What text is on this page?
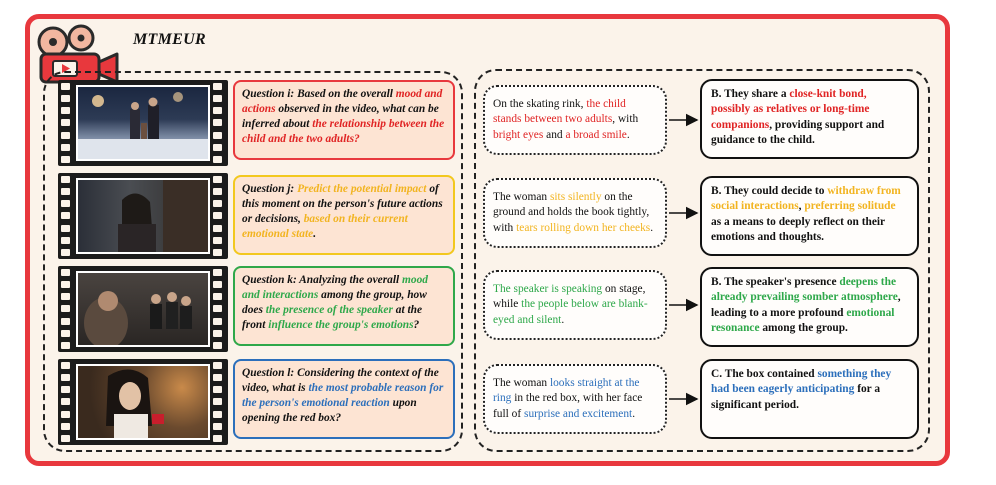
MTMEUR
Question i: Based on the overall mood and actions observed in the video, what can be inferred about the relationship between the child and the two adults?
Question j: Predict the potential impact of this moment on the person's future actions or decisions, based on their current emotional state.
Question k: Analyzing the overall mood and interactions among the group, how does the presence of the speaker at the front influence the group's emotions?
Question l: Considering the context of the video, what is the most probable reason for the person's emotional reaction upon opening the red box?
On the skating rink, the child stands between two adults, with bright eyes and a broad smile.
The woman sits silently on the ground and holds the book tightly, with tears rolling down her cheeks.
The speaker is speaking on stage, while the people below are blank-eyed and silent.
The woman looks straight at the ring in the red box, with her face full of surprise and excitement.
B. They share a close-knit bond, possibly as relatives or long-time companions, providing support and guidance to the child.
B. They could decide to withdraw from social interactions, preferring solitude as a means to deeply reflect on their emotions and thoughts.
B. The speaker's presence deepens the already prevailing somber atmosphere, leading to a more profound emotional resonance among the group.
C. The box contained something they had been eagerly anticipating for a significant period.
